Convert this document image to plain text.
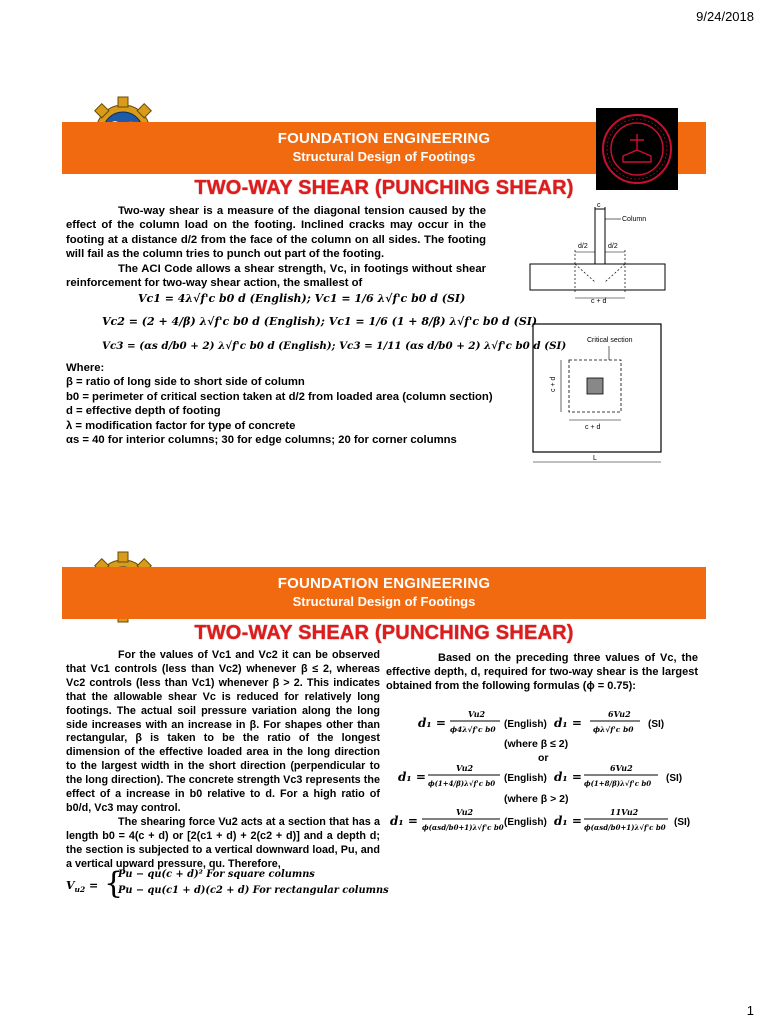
9/24/2018
1
FOUNDATION ENGINEERING
Structural Design of Footings
TWO-WAY SHEAR (PUNCHING SHEAR)

Two-way shear is a measure of the diagonal tension caused by the effect of the column load on the footing. Inclined cracks may occur in the footing at a distance d/2 from the face of the column on all sides. The footing will fail as the column tries to punch out part of the footing.

The ACI Code allows a shear strength, Vc, in footings without shear reinforcement for two-way shear action, the smallest of

Vc1 = 4λ√f'c b0 d (English); Vc1 = 1/6 λ√f'c b0 d (SI)
Vc2 = (2 + 4/β) λ√f'c b0 d (English); Vc1 = 1/6 (1 + 8/β) λ√f'c b0 d (SI)
Vc3 = (αs d/b0 + 2) λ√f'c b0 d (English); Vc3 = 1/11 (αs d/b0 + 2) λ√f'c b0 d (SI)

Where:

β = ratio of long side to short side of column

b0 = perimeter of critical section taken at d/2 from loaded area (column section)

d = effective depth of footing

λ = modification factor for type of concrete

αs = 40 for interior columns; 30 for edge columns; 20 for corner columns

c
Column
d/2	d/2
c + d
Critical section
c + d
c + d
L
FOUNDATION ENGINEERING
Structural Design of Footings
TWO-WAY SHEAR (PUNCHING SHEAR)

For the values of Vc1 and Vc2 it can be observed that Vc1 controls (less than Vc2) whenever β ≤ 2, whereas Vc2 controls (less than Vc1) whenever β > 2. This indicates that the allowable shear Vc is reduced for relatively long footings. The actual soil pressure variation along the long side increases with an increase in β. For shapes other than rectangular, β is taken to be the ratio of the longest dimension of the effective loaded area in the long direction to the largest width in the short direction (perpendicular to the long direction). The concrete strength Vc3 represents the effect of a increase in b0 relative to d. For a high ratio of b0/d, Vc3 may control.

The shearing force Vu2 acts at a section that has a length b0 = 4(c + d) or [2(c1 + d) + 2(c2 + d)] and a depth d; the section is subjected to a vertical downward load, Pu, and a vertical upward pressure, qu. Therefore,

$V_{u2}$ = {
Pu − qu(c + d)² For square columns
Pu − qu(c1 + d)(c2 + d) For rectangular columns

Based on the preceding three values of Vc, the effective depth, d, required for two-way shear is the largest obtained from the following formulas (ϕ = 0.75):

d₁ =
Vu2
ϕ4λ√f'c b0 (English) d₁ =
6Vu2
ϕλ√f'c b0 (SI)
(where β ≤ 2)
or
d₁ =
Vu2
ϕ(1+4/β)λ√f'c b0 (English) d₁ =
6Vu2
ϕ(1+8/β)λ√f'c b0 (SI)
(where β > 2)
d₁ =
Vu2
ϕ(αsd/b0+1)λ√f'c b0 (English) d₁ =
11Vu2
ϕ(αsd/b0+1)λ√f'c b0 (SI)
